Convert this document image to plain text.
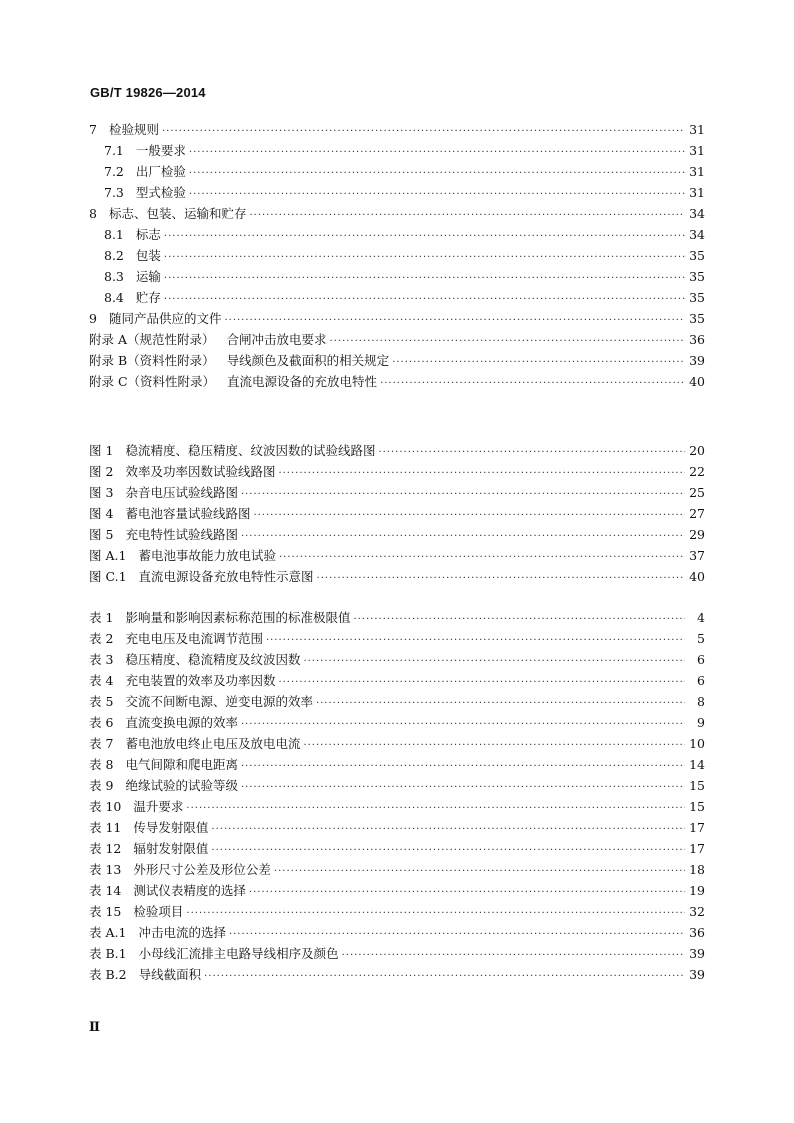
GB/T 19826—2014
7 检验规则 ·····	31
7.1 一般要求 ·····	31
7.2 出厂检验 ·····	31
7.3 型式检验 ·····	31
8 标志、包装、运输和贮存 ·····	34
8.1 标志 ·····	34
8.2 包装 ·····	35
8.3 运输 ·····	35
8.4 贮存 ·····	35
9 随同产品供应的文件 ·····	35
附录 A（规范性附录） 合闸冲击放电要求 ·····	36
附录 B（资料性附录） 导线颜色及截面积的相关规定 ·····	39
附录 C（资料性附录） 直流电源设备的充放电特性 ·····	40
图 1 稳流精度、稳压精度、纹波因数的试验线路图 ·····	20
图 2 效率及功率因数试验线路图 ·····	22
图 3 杂音电压试验线路图 ·····	25
图 4 蓄电池容量试验线路图 ·····	27
图 5 充电特性试验线路图 ·····	29
图 A.1 蓄电池事故能力放电试验 ·····	37
图 C.1 直流电源设备充放电特性示意图 ·····	40
表 1 影响量和影响因素标称范围的标准极限值 ·····	4
表 2 充电电压及电流调节范围 ·····	5
表 3 稳压精度、稳流精度及纹波因数 ·····	6
表 4 充电装置的效率及功率因数 ·····	6
表 5 交流不间断电源、逆变电源的效率 ·····	8
表 6 直流变换电源的效率 ·····	9
表 7 蓄电池放电终止电压及放电电流 ·····	10
表 8 电气间隙和爬电距离 ·····	14
表 9 绝缘试验的试验等级 ·····	15
表 10 温升要求 ·····	15
表 11 传导发射限值 ·····	17
表 12 辐射发射限值 ·····	17
表 13 外形尺寸公差及形位公差 ·····	18
表 14 测试仪表精度的选择 ·····	19
表 15 检验项目 ·····	32
表 A.1 冲击电流的选择 ·····	36
表 B.1 小母线汇流排主电路导线相序及颜色 ·····	39
表 B.2 导线截面积 ·····	39
Ⅱ
